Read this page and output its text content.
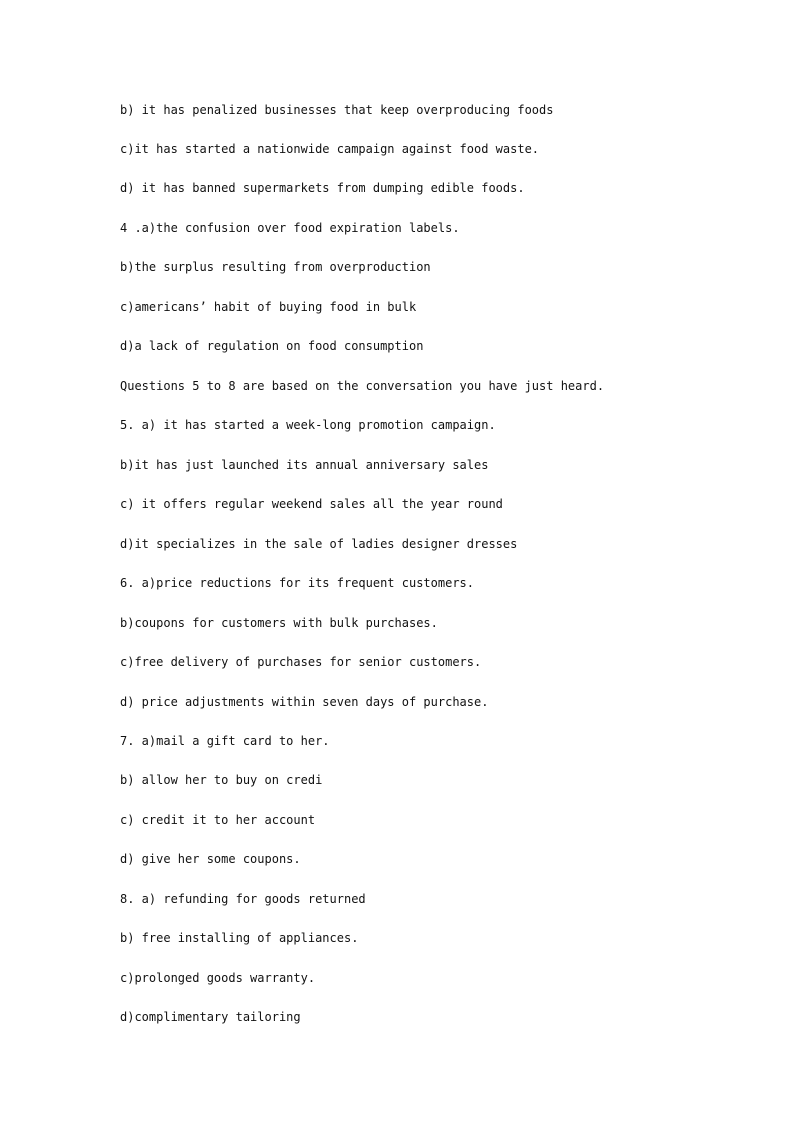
b) it has penalized businesses that keep overproducing foods

c)it has started a nationwide campaign against food waste.

d) it has banned supermarkets from dumping edible foods.

4 .a)the confusion over food expiration labels.

b)the surplus resulting from overproduction

c)americans’ habit of buying food in bulk

d)a lack of regulation on food consumption

Questions 5 to 8 are based on the conversation you have just heard.

5. a) it has started a week-long promotion campaign.

b)it has just launched its annual anniversary sales

c) it offers regular weekend sales all the year round

d)it specializes in the sale of ladies designer dresses

6. a)price reductions for its frequent customers.

b)coupons for customers with bulk purchases.

c)free delivery of purchases for senior customers.

d) price adjustments within seven days of purchase.

7. a)mail a gift card to her.

b) allow her to buy on credi

c) credit it to her account

d) give her some coupons.

8. a) refunding for goods returned

b) free installing of appliances.

c)prolonged goods warranty.

d)complimentary tailoring
